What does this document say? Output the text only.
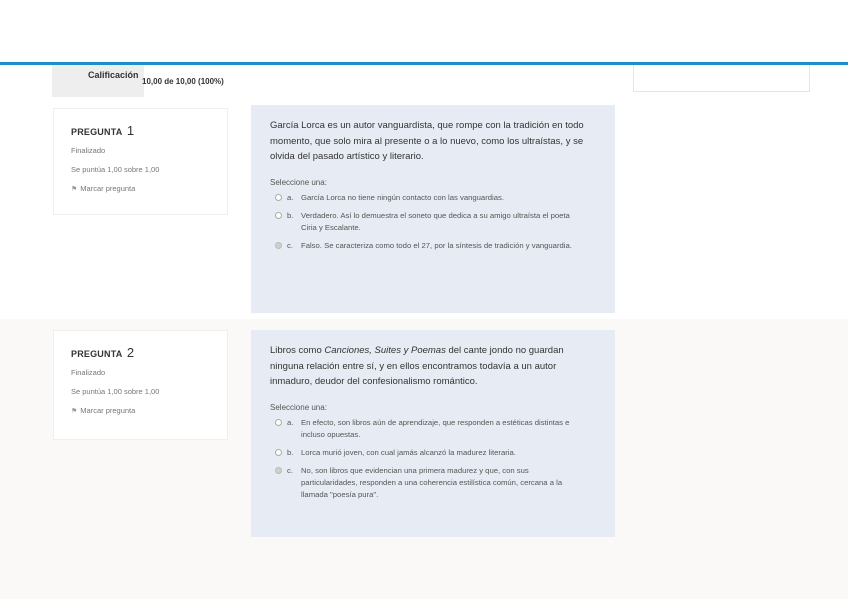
Calificación
10,00 de 10,00 (100%)
PREGUNTA 1
Finalizado
Se puntúa 1,00 sobre 1,00
⚑ Marcar pregunta
García Lorca es un autor vanguardista, que rompe con la tradición en todo momento, que solo mira al presente o a lo nuevo, como los ultraístas, y se olvida del pasado artístico y literario.
Seleccione una:
a. García Lorca no tiene ningún contacto con las vanguardias.
b. Verdadero. Así lo demuestra el soneto que dedica a su amigo ultraísta el poeta Ciria y Escalante.
c.	Falso. Se caracteriza como todo el 27, por la síntesis de tradición y vanguardia.
PREGUNTA 2
Finalizado
Se puntúa 1,00 sobre 1,00
⚑ Marcar pregunta
Libros como Canciones, Suites y Poemas del cante jondo no guardan ninguna relación entre sí, y en ellos encontramos todavía a un autor inmaduro, deudor del confesionalismo romántico.
Seleccione una:
a. En efecto, son libros aún de aprendizaje, que responden a estéticas distintas e incluso opuestas.
b. Lorca murió joven, con cual jamás alcanzó la madurez literaria.
c.	No, son libros que evidencian una primera madurez y que, con sus particularidades, responden a una coherencia estilística común, cercana a la llamada "poesía pura".
